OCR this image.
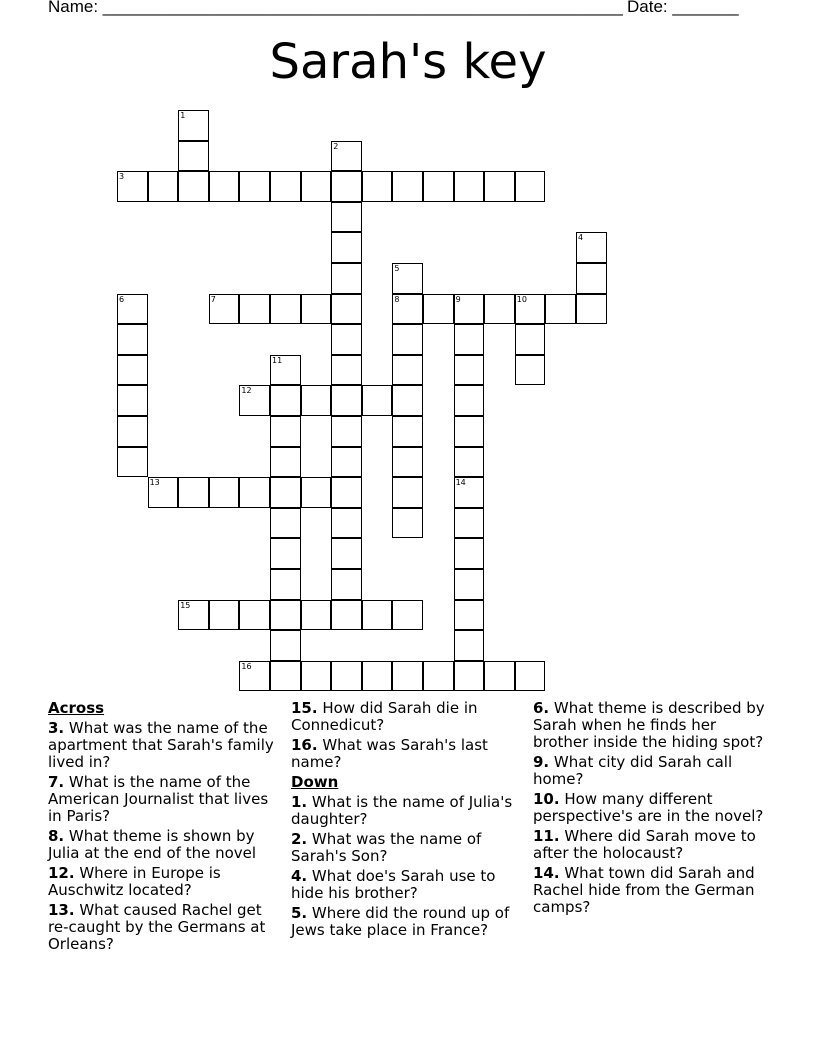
Name: _______________________________________________________ Date: _______
Sarah's key
1
2
3
4
5
8
6	7	9	10
11
12
13	14
15
16
Across
3. What was the name of the apartment that Sarah's family lived in?
7. What is the name of the American Journalist that lives in Paris?
8. What theme is shown by Julia at the end of the novel
12. Where in Europe is Auschwitz located?
13. What caused Rachel get re-caught by the Germans at Orleans?
15. How did Sarah die in Connedicut?
16. What was Sarah's last name?
Down
1. What is the name of Julia's daughter?
2. What was the name of Sarah's Son?
4. What doe's Sarah use to hide his brother?
5. Where did the round up of Jews take place in France?
6. What theme is described by Sarah when he finds her brother inside the hiding spot?
9. What city did Sarah call home?
10. How many different perspective's are in the novel?
11. Where did Sarah move to after the holocaust?
14. What town did Sarah and Rachel hide from the German camps?
